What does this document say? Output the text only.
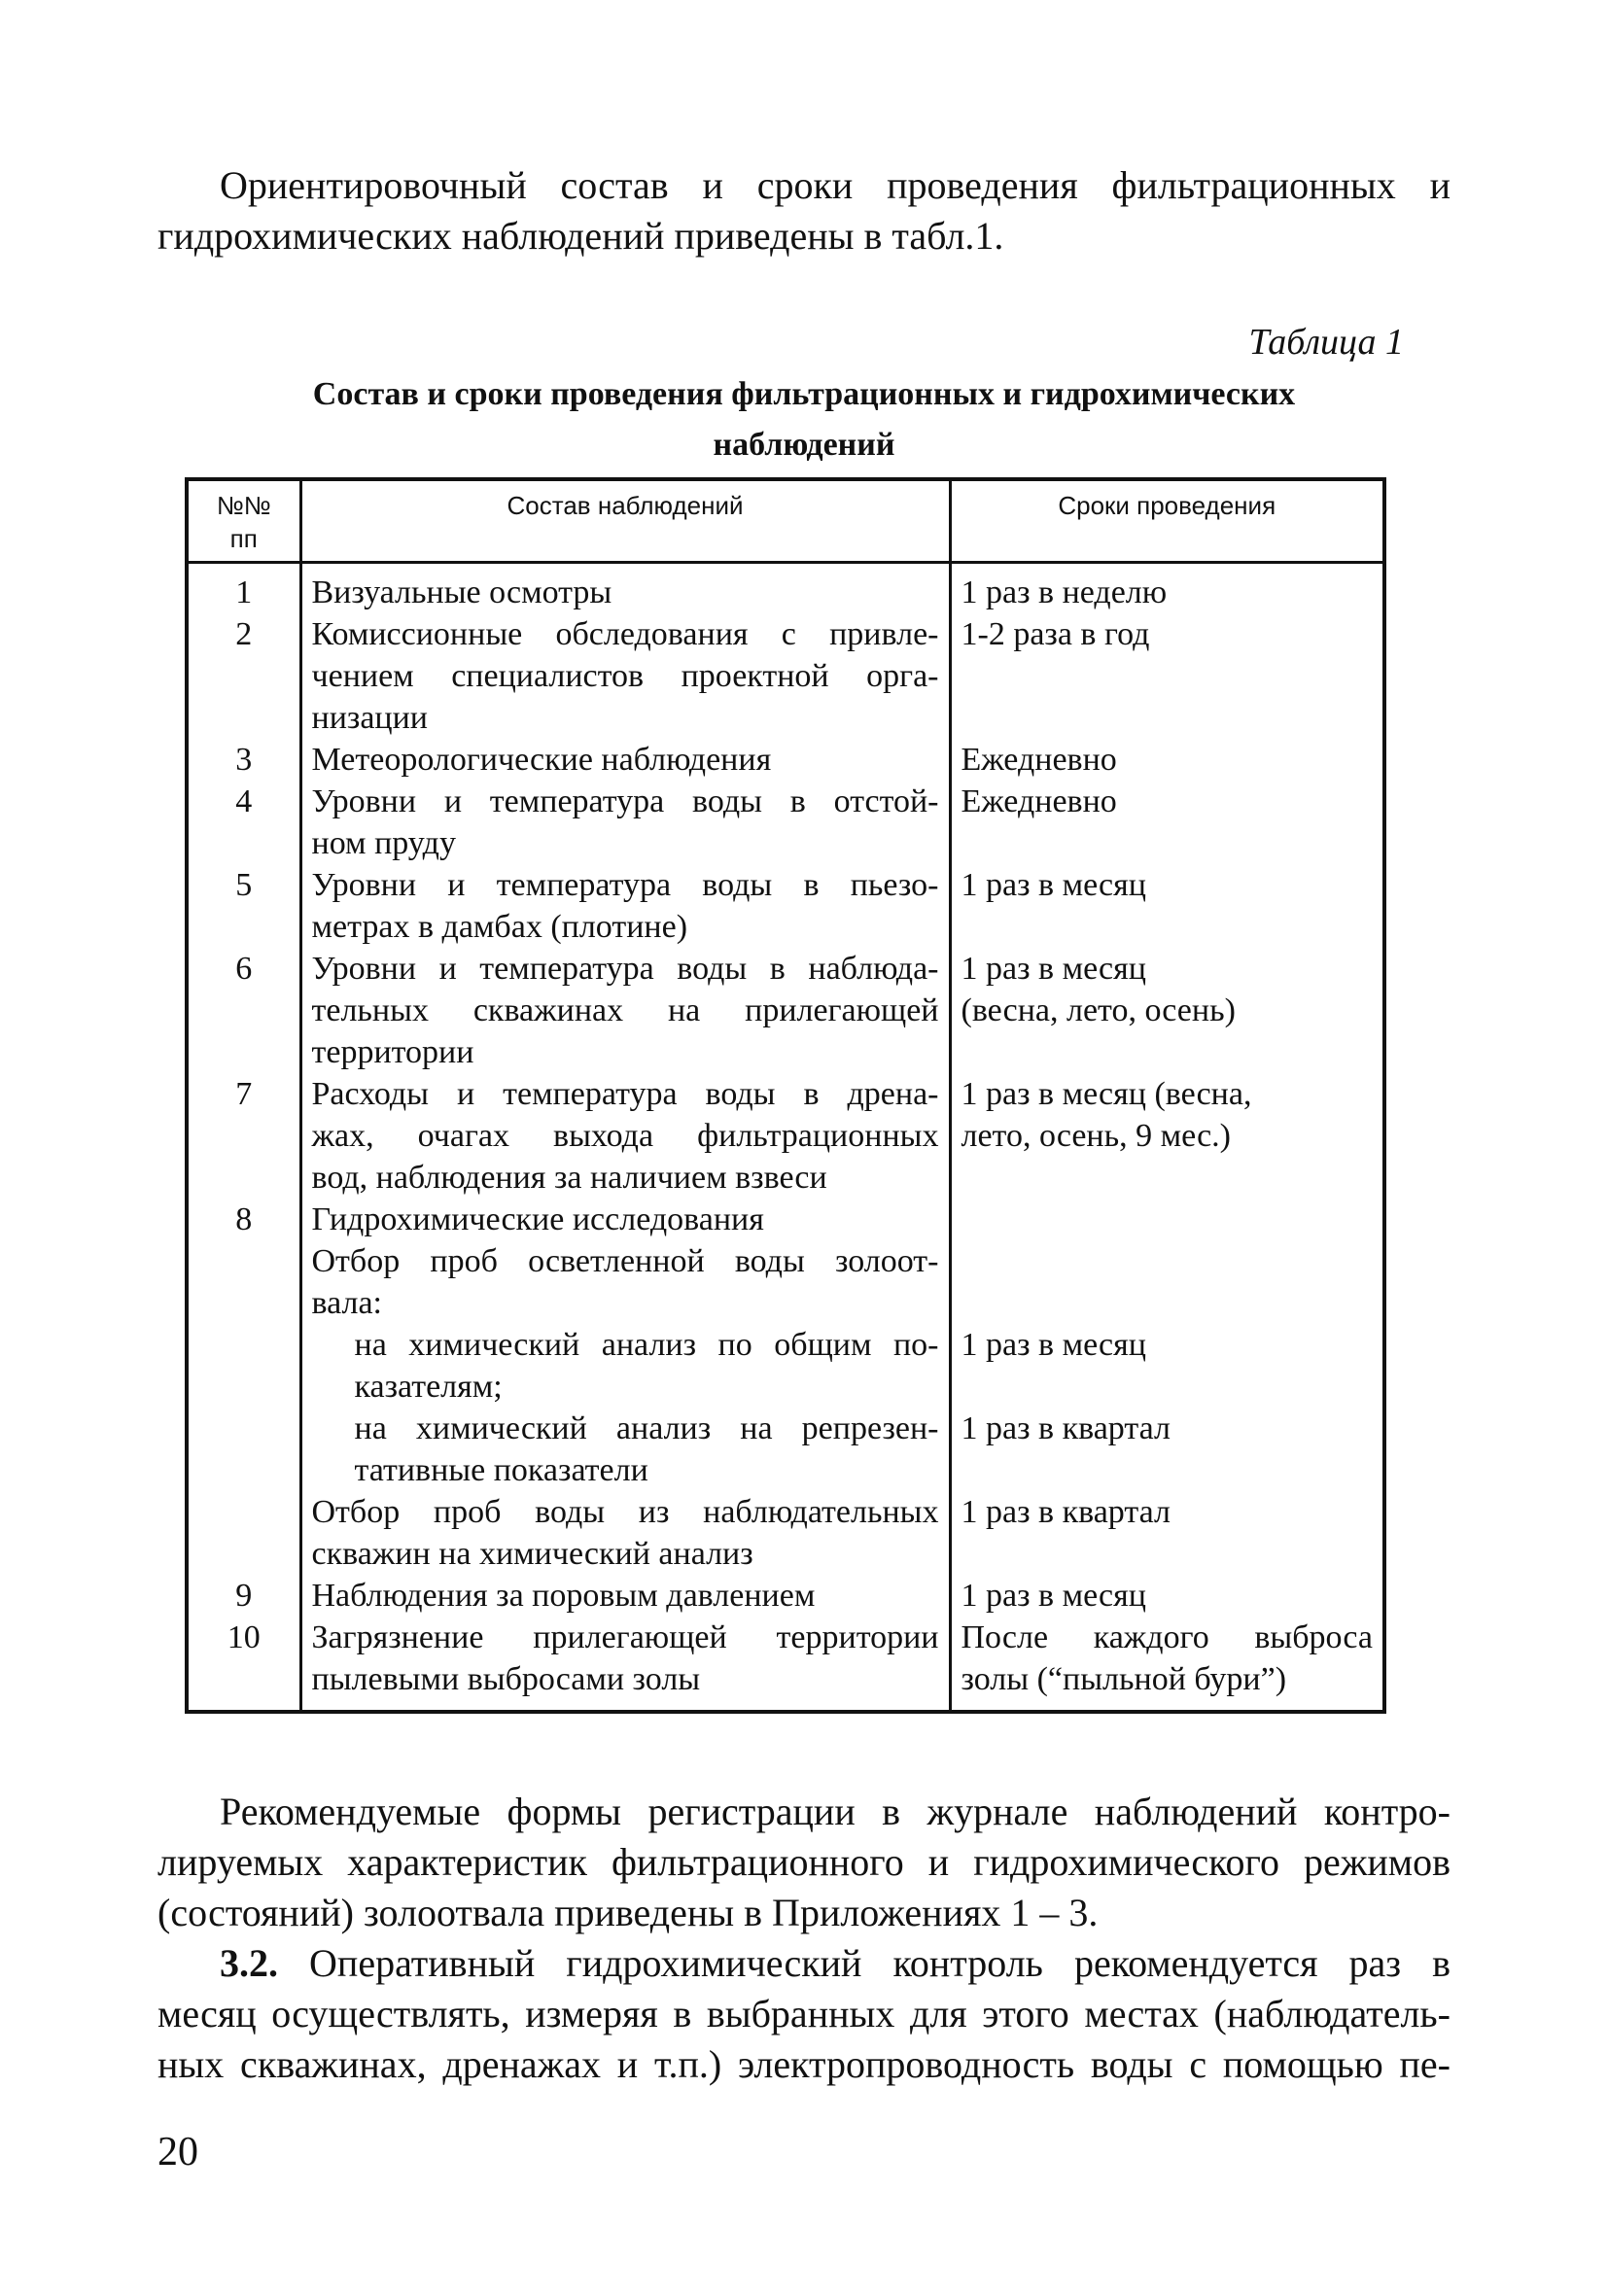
Ориентировочный состав и сроки проведения фильтрационных и
гидрохимических наблюдений приведены в табл.1.
Таблица 1
Состав и сроки проведения фильтрационных и гидрохимических
наблюдений
№№
пп	Состав наблюдений	Сроки проведения
1	Визуальные осмотры	1 раз в неделю

2	Комиссионные обследования с привле-
чением специалистов проектной орга-
низации	1-2 раза в год

3	Метеорологические наблюдения	Ежедневно

4	Уровни и температура воды в отстой-
ном пруду	Ежедневно

5	Уровни и температура воды в пьезо-
метрах в дамбах (плотине)	1 раз в месяц

6	Уровни и температура воды в наблюда-
тельных скважинах на прилегающей
территории	1 раз в месяц
(весна, лето, осень)

7	Расходы и температура воды в дрена-
жах, очагах выхода фильтрационных
вод, наблюдения за наличием взвеси	1 раз в месяц (весна,
лето, осень, 9 мес.)

8	Гидрохимические исследования	

	Отбор проб осветленной воды золоот-
вала:	

	на химический анализ по общим по-
казателям;	1 раз в месяц

	на химический анализ на репрезен-
тативные показатели	1 раз в квартал

	Отбор проб воды из наблюдательных
скважин на химический анализ	1 раз в квартал

9	Наблюдения за поровым давлением	1 раз в месяц

10	Загрязнение прилегающей территории
пылевыми выбросами золы	После каждого выброса
золы (“пыльной бури”)
Рекомендуемые формы регистрации в журнале наблюдений контро-
лируемых характеристик фильтрационного и гидрохимического режимов
(состояний) золоотвала приведены в Приложениях 1 – 3.
3.2. Оперативный гидрохимический контроль рекомендуется раз в
месяц осуществлять, измеряя в выбранных для этого местах (наблюдатель-
ных скважинах, дренажах и т.п.) электропроводность воды с помощью пе-
20
